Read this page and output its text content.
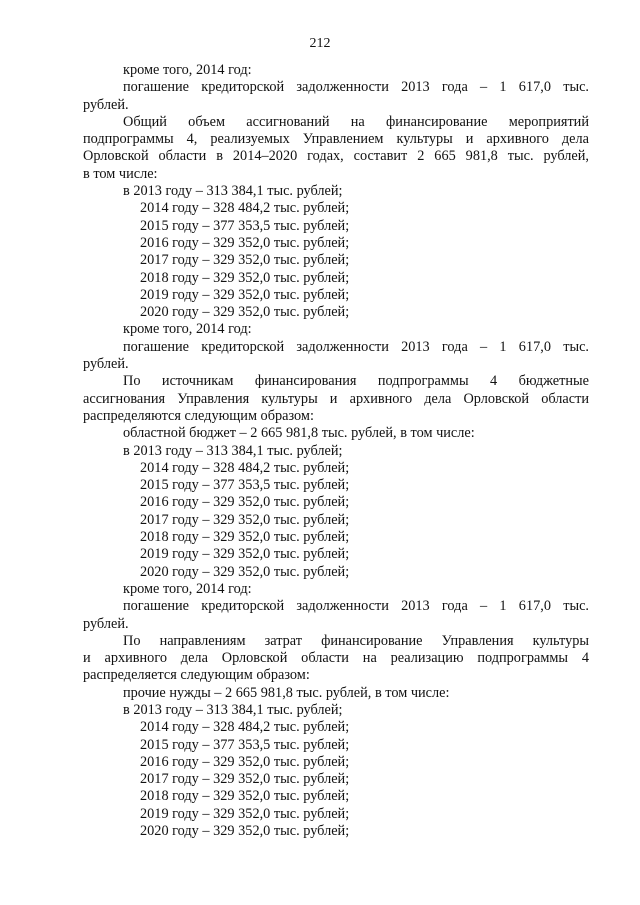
212

кроме того, 2014 год:

погашение кредиторской задолженности 2013 года – 1 617,0 тыс.

рублей.

Общий объем ассигнований на финансирование мероприятий

подпрограммы 4, реализуемых Управлением культуры и архивного дела

Орловской области в 2014–2020 годах, составит 2 665 981,8 тыс. рублей,

в том числе:

в 2013 году – 313 384,1 тыс. рублей;
2014 году – 328 484,2 тыс. рублей;
2015 году – 377 353,5 тыс. рублей;
2016 году – 329 352,0 тыс. рублей;
2017 году – 329 352,0 тыс. рублей;
2018 году – 329 352,0 тыс. рублей;
2019 году – 329 352,0 тыс. рублей;
2020 году – 329 352,0 тыс. рублей;

кроме того, 2014 год:

погашение кредиторской задолженности 2013 года – 1 617,0 тыс.

рублей.

По источникам финансирования подпрограммы 4 бюджетные

ассигнования Управления культуры и архивного дела Орловской области

распределяются следующим образом:

областной бюджет – 2 665 981,8 тыс. рублей, в том числе:

в 2013 году – 313 384,1 тыс. рублей;
2014 году – 328 484,2 тыс. рублей;
2015 году – 377 353,5 тыс. рублей;
2016 году – 329 352,0 тыс. рублей;
2017 году – 329 352,0 тыс. рублей;
2018 году – 329 352,0 тыс. рублей;
2019 году – 329 352,0 тыс. рублей;
2020 году – 329 352,0 тыс. рублей;

кроме того, 2014 год:

погашение кредиторской задолженности 2013 года – 1 617,0 тыс.

рублей.

По направлениям затрат финансирование Управления культуры

и архивного дела Орловской области на реализацию подпрограммы 4

распределяется следующим образом:

прочие нужды – 2 665 981,8 тыс. рублей, в том числе:

в 2013 году – 313 384,1 тыс. рублей;
2014 году – 328 484,2 тыс. рублей;
2015 году – 377 353,5 тыс. рублей;
2016 году – 329 352,0 тыс. рублей;
2017 году – 329 352,0 тыс. рублей;
2018 году – 329 352,0 тыс. рублей;
2019 году – 329 352,0 тыс. рублей;
2020 году – 329 352,0 тыс. рублей;
